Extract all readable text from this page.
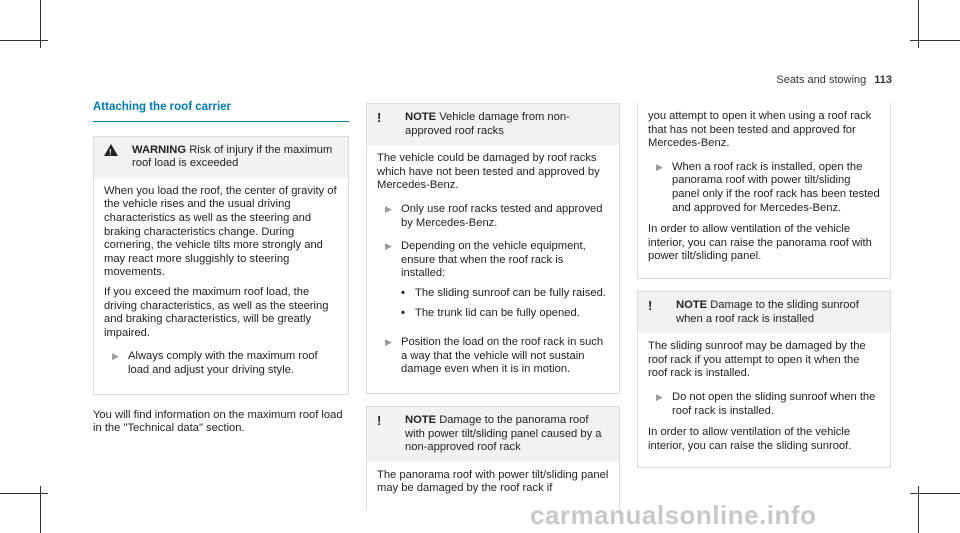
Seats and stowing 113
Attaching the roof carrier
! WARNING Risk of injury if the maximum roof load is exceeded

When you load the roof, the center of gravity of the vehicle rises and the usual driving characteristics as well as the steering and braking characteristics change. During cornering, the vehicle tilts more strongly and may react more sluggishly to steering movements.

If you exceed the maximum roof load, the driving characteristics, as well as the steering and braking characteristics, will be greatly impaired.

▶ Always comply with the maximum roof load and adjust your driving style.

You will find information on the maximum roof load in the "Technical data" section.

!	NOTE Vehicle damage from non-approved roof racks

The vehicle could be damaged by roof racks which have not been tested and approved by Mercedes-Benz.

▶ Only use roof racks tested and approved by Mercedes-Benz.
▶ Depending on the vehicle equipment, ensure that when the roof rack is installed:
• The sliding sunroof can be fully raised.
• The trunk lid can be fully opened.
▶ Position the load on the roof rack in such a way that the vehicle will not sustain damage even when it is in motion.
!	NOTE Damage to the panorama roof with power tilt/sliding panel caused by a non-approved roof rack

The panorama roof with power tilt/sliding panel may be damaged by the roof rack if

you attempt to open it when using a roof rack that has not been tested and approved for Mercedes-Benz.

▶ When a roof rack is installed, open the panorama roof with power tilt/sliding panel only if the roof rack has been tested and approved for Mercedes-Benz.

In order to allow ventilation of the vehicle interior, you can raise the panorama roof with power tilt/sliding panel.

!	NOTE Damage to the sliding sunroof when a roof rack is installed

The sliding sunroof may be damaged by the roof rack if you attempt to open it when the roof rack is installed.

▶ Do not open the sliding sunroof when the roof rack is installed.

In order to allow ventilation of the vehicle interior, you can raise the sliding sunroof.

carmanualsonline.info
